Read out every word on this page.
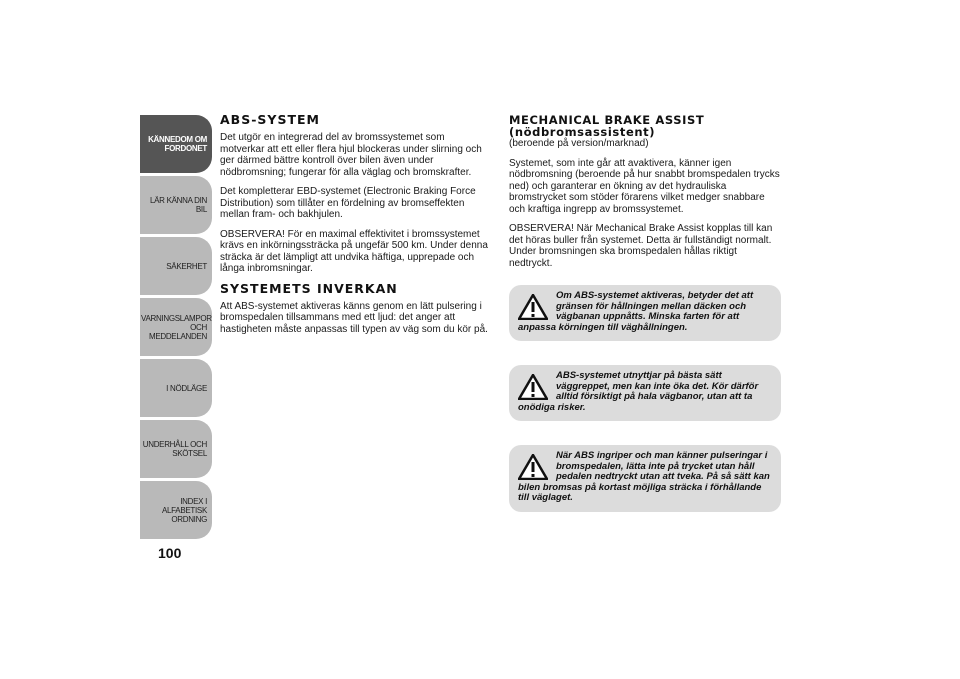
KÄNNEDOM OM FORDONET
LÄR KÄNNA DIN BIL
SÄKERHET
VARNINGSLAMPOR OCH MEDDELANDEN
I NÖDLÄGE
UNDERHÅLL OCH SKÖTSEL
INDEX I ALFABETISK ORDNING
100
ABS-SYSTEM

Det utgör en integrerad del av bromssystemet som motverkar att ett eller flera hjul blockeras under slirning och ger därmed bättre kontroll över bilen även under nödbromsning; fungerar för alla väglag och bromskrafter.

Det kompletterar EBD-systemet (Electronic Braking Force Distribution) som tillåter en fördelning av bromseffekten mellan fram- och bakhjulen.

OBSERVERA! För en maximal effektivitet i bromssystemet krävs en inkörningssträcka på ungefär 500 km. Under denna sträcka är det lämpligt att undvika häftiga, upprepade och långa inbromsningar.

SYSTEMETS INVERKAN

Att ABS-systemet aktiveras känns genom en lätt pulsering i bromspedalen tillsammans med ett ljud: det anger att hastigheten måste anpassas till typen av väg som du kör på.

MECHANICAL BRAKE ASSIST (nödbromsassistent)

(beroende på version/marknad)

Systemet, som inte går att avaktivera, känner igen nödbromsning (beroende på hur snabbt bromspedalen trycks ned) och garanterar en ökning av det hydrauliska bromstrycket som stöder förarens vilket medger snabbare och kraftiga ingrepp av bromssystemet.

OBSERVERA! När Mechanical Brake Assist kopplas till kan det höras buller från systemet. Detta är fullständigt normalt. Under bromsningen ska bromspedalen hållas riktigt nedtryckt.

Om ABS-systemet aktiveras, betyder det att gränsen för hållningen mellan däcken och vägbanan uppnåtts. Minska farten för att anpassa körningen till väghållningen.
ABS-systemet utnyttjar på bästa sätt väggreppet, men kan inte öka det. Kör därför alltid försiktigt på hala vägbanor, utan att ta onödiga risker.
När ABS ingriper och man känner pulseringar i bromspedalen, lätta inte på trycket utan håll pedalen nedtryckt utan att tveka. På så sätt kan bilen bromsas på kortast möjliga sträcka i förhållande till väglaget.
